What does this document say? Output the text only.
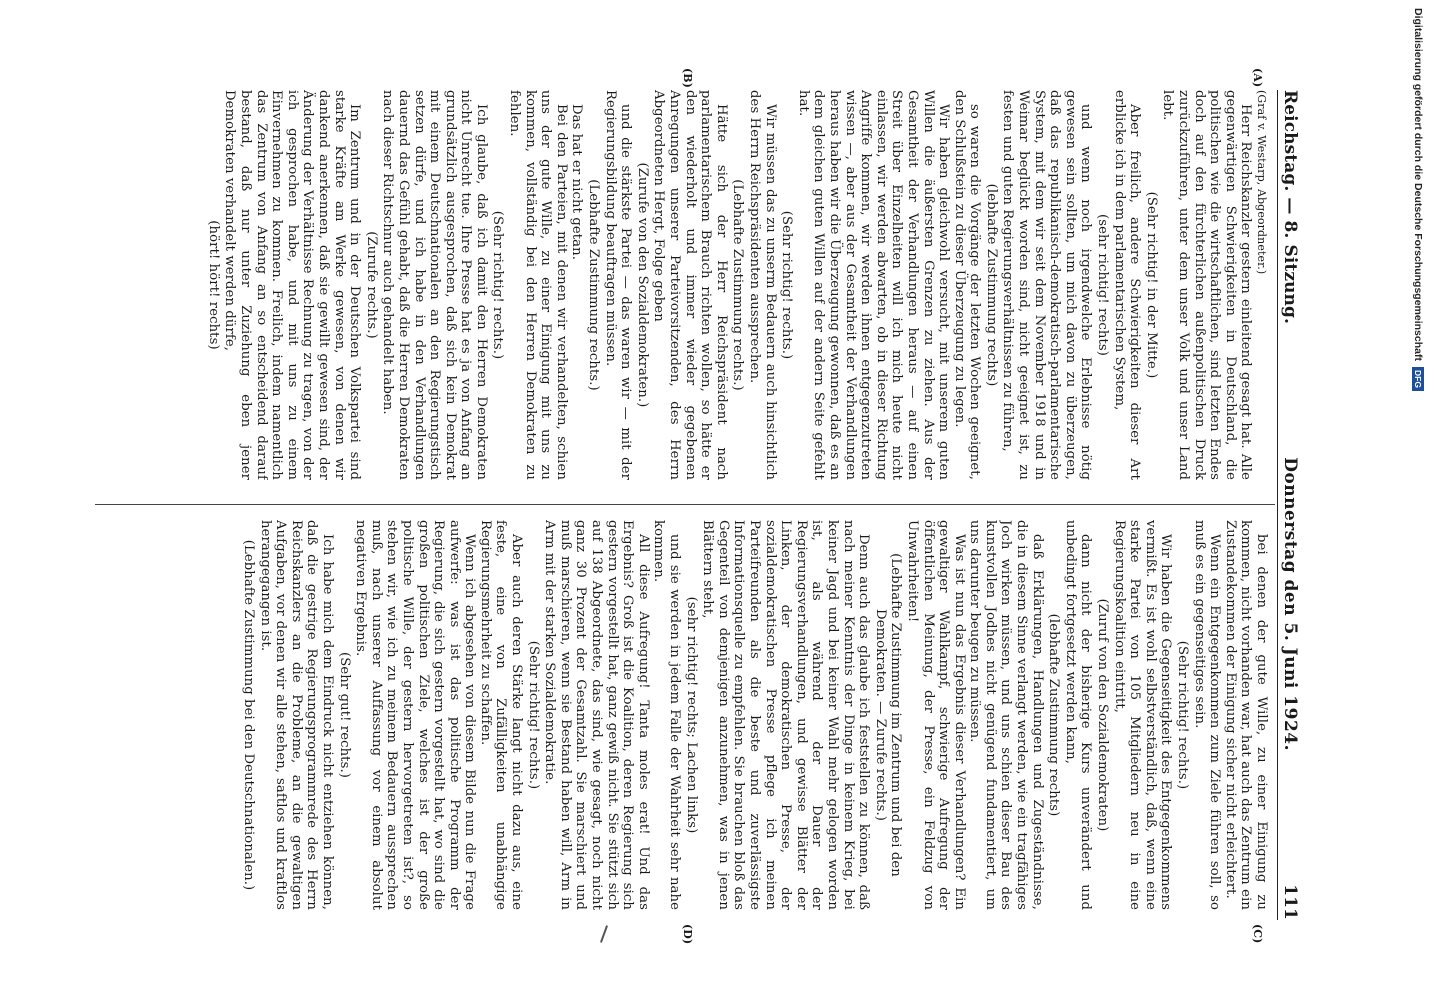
Reichstag. — 8. Sitzung.
Donnerstag den 5. Juni 1924.
111

(Graf v. Westarp, Abgeordneter.)

Herr Reichskanzler gestern einleitend gesagt hat. Alle gegenwärtigen Schwierigkeiten in Deutschland, die politischen wie die wirtschaftlichen, sind letzten Endes doch auf den fürchterlichen außenpolitischen Druck zurückzuführen, unter dem unser Volk und unser Land lebt.

(Sehr richtig! in der Mitte.)

Aber freilich, andere Schwierigkeiten dieser Art erblicke ich in dem parlamentarischen System,

(sehr richtig! rechts)

und wenn noch irgendwelche Erlebnisse nötig gewesen sein sollten, um mich davon zu überzeugen, daß das republikanisch-demokratisch-parlamentarische System, mit dem wir seit dem November 1918 und in Weimar beglückt worden sind, nicht geeignet ist, zu festen und guten Regierungsverhältnissen zu führen,

(lebhafte Zustimmung rechts)

so waren die Vorgänge der letzten Wochen geeignet, den Schlußstein zu dieser Überzeugung zu legen.

Wir haben gleichwohl versucht, mit unserem guten Willen die äußersten Grenzen zu ziehen. Aus der Gesamtheit der Verhandlungen heraus — auf einen Streit über Einzelheiten will ich mich heute nicht einlassen, wir werden abwarten, ob in dieser Richtung Angriffe kommen, wir werden ihnen entgegenzutreten wissen —, aber aus der Gesamtheit der Verhandlungen heraus haben wir die Überzeugung gewonnen, daß es an dem gleichen guten Willen auf der andern Seite gefehlt hat.

(Sehr richtig! rechts.)

Wir müssen das zu unserm Bedauern auch hinsichtlich des Herrn Reichspräsidenten aussprechen.

(Lebhafte Zustimmung rechts.)

Hätte sich der Herr Reichspräsident nach parlamentarischem Brauch richten wollen, so hätte er den wiederholt und immer wieder gegebenen Anregungen unserer Parteivorsitzenden, des Herrn Abgeordneten Hergt, Folge geben

(Zurufe von den Sozialdemokraten.)

und die stärkste Partei — das waren wir — mit der Regierungsbildung beauftragen müssen.

(Lebhafte Zustimmung rechts.)

Das hat er nicht getan.

Bei den Parteien, mit denen wir verhandelten, schien uns der gute Wille, zu einer Einigung mit uns zu kommen, vollständig bei den Herren Demokraten zu fehlen.

(Sehr richtig! rechts.)

Ich glaube, daß ich damit den Herren Demokraten nicht Unrecht tue. Ihre Presse hat es ja von Anfang an grundsätzlich ausgesprochen, daß sich kein Demokrat mit einem Deutschnationalen an den Regierungstisch setzen dürfe, und ich habe in den Verhandlungen dauernd das Gefühl gehabt, daß die Herren Demokraten nach dieser Richtschnur auch gehandelt haben.

(Zurufe rechts.)

Im Zentrum und in der Deutschen Volkspartei sind starke Kräfte am Werke gewesen, von denen wir dankend anerkennen, daß sie gewillt gewesen sind, der Änderung der Verhältnisse Rechnung zu tragen, von der ich gesprochen habe, und mit uns zu einem Einvernehmen zu kommen. Freilich, indem namentlich das Zentrum von Anfang an so entscheidend darauf bestand, daß nur unter Zuziehung eben jener Demokraten verhandelt werden dürfe,

(hört! hört! rechts)

bei denen der gute Wille, zu einer Einigung zu kommen, nicht vorhanden war, hat auch das Zentrum ein Zustandekommen der Einigung sicher nicht erleichtert.

Wenn ein Entgegenkommen zum Ziele führen soll, so muß es ein gegenseitiges sein.

(Sehr richtig! rechts.)

Wir haben die Gegenseitigkeit des Entgegenkommens vermißt. Es ist wohl selbstverständlich, daß, wenn eine starke Partei von 105 Mitgliedern neu in eine Regierungskoalition eintritt,

(Zuruf von den Sozialdemokraten)

dann nicht der bisherige Kurs unverändert und unbedingt fortgesetzt werden kann,

(lebhafte Zustimmung rechts)

daß Erklärungen, Handlungen und Zugeständnisse, die in diesem Sinne verlangt werden, wie ein tragfähiges Joch wirken müssen, und uns schien dieser Bau des kunstvollen Jodhes nicht genügend fundamentiert, um uns darunter beugen zu müssen.

Was ist nun das Ergebnis dieser Verhandlungen? Ein gewaltiger Wahlkampf, schwierige Aufregung der öffentlichen Meinung, der Presse, ein Feldzug von Unwahrheiten!

(Lebhafte Zustimmung im Zentrum und bei den Demokraten. — Zurufe rechts.)

Denn auch das glaube ich feststellen zu können, daß nach meiner Kenntnis der Dinge in keinem Krieg, bei keiner Jagd und bei keiner Wahl mehr gelogen worden ist, als während der Dauer der Regierungsverhandlungen, und gewisse Blätter der Linken, der demokratischen Presse, der sozialdemokratischen Presse pflege ich meinen Parteifreunden als die beste und zuverlässigste Informationsquelle zu empfehlen. Sie brauchen bloß das Gegenteil von demjenigen anzunehmen, was in jenen Blättern steht,

(sehr richtig! rechts; Lachen links)

und sie werden in jedem Falle der Wahrheit sehr nahe kommen.

All diese Aufregung! Tanta moles erat! Und das Ergebnis? Groß ist die Koalition, deren Regierung sich gestern vorgestellt hat, ganz gewiß nicht. Sie stützt sich auf 138 Abgeordnete, das sind, wie gesagt, noch nicht ganz 30 Prozent der Gesamtzahl. Sie marschiert und muß marschieren, wenn sie Bestand haben will, Arm in Arm mit der starken Sozialdemokratie.

(Sehr richtig! rechts.)

Aber auch deren Stärke langt nicht dazu aus, eine feste, eine von Zufälligkeiten unabhängige Regierungsmehrheit zu schaffen.

Wenn ich abgesehen von diesem Bilde nun die Frage aufwerfe: was ist das politische Programm der Regierung, die sich gestern vorgestellt hat, wo sind die großen politischen Ziele, welches ist der große politische Wille, der gestern hervorgetreten ist?, so stehen wir, wie ich zu meinem Bedauern aussprechen muß, nach unserer Auffassung vor einem absolut negativen Ergebnis.

(Sehr gut! rechts.)

Ich habe mich dem Eindruck nicht entziehen können, daß die gestrige Regierungsprogrammrede des Herrn Reichskanzlers an die Probleme, an die gewaltigen Aufgaben, vor denen wir alle stehen, saftlos und kraftlos herangegangen ist.

(Lebhafte Zustimmung bei den Deutschnationalen.)

(A)
(B)
(C)
(D)
Digitalisierung gefördert durch die Deutsche Forschungsgemeinschaft
DFG
